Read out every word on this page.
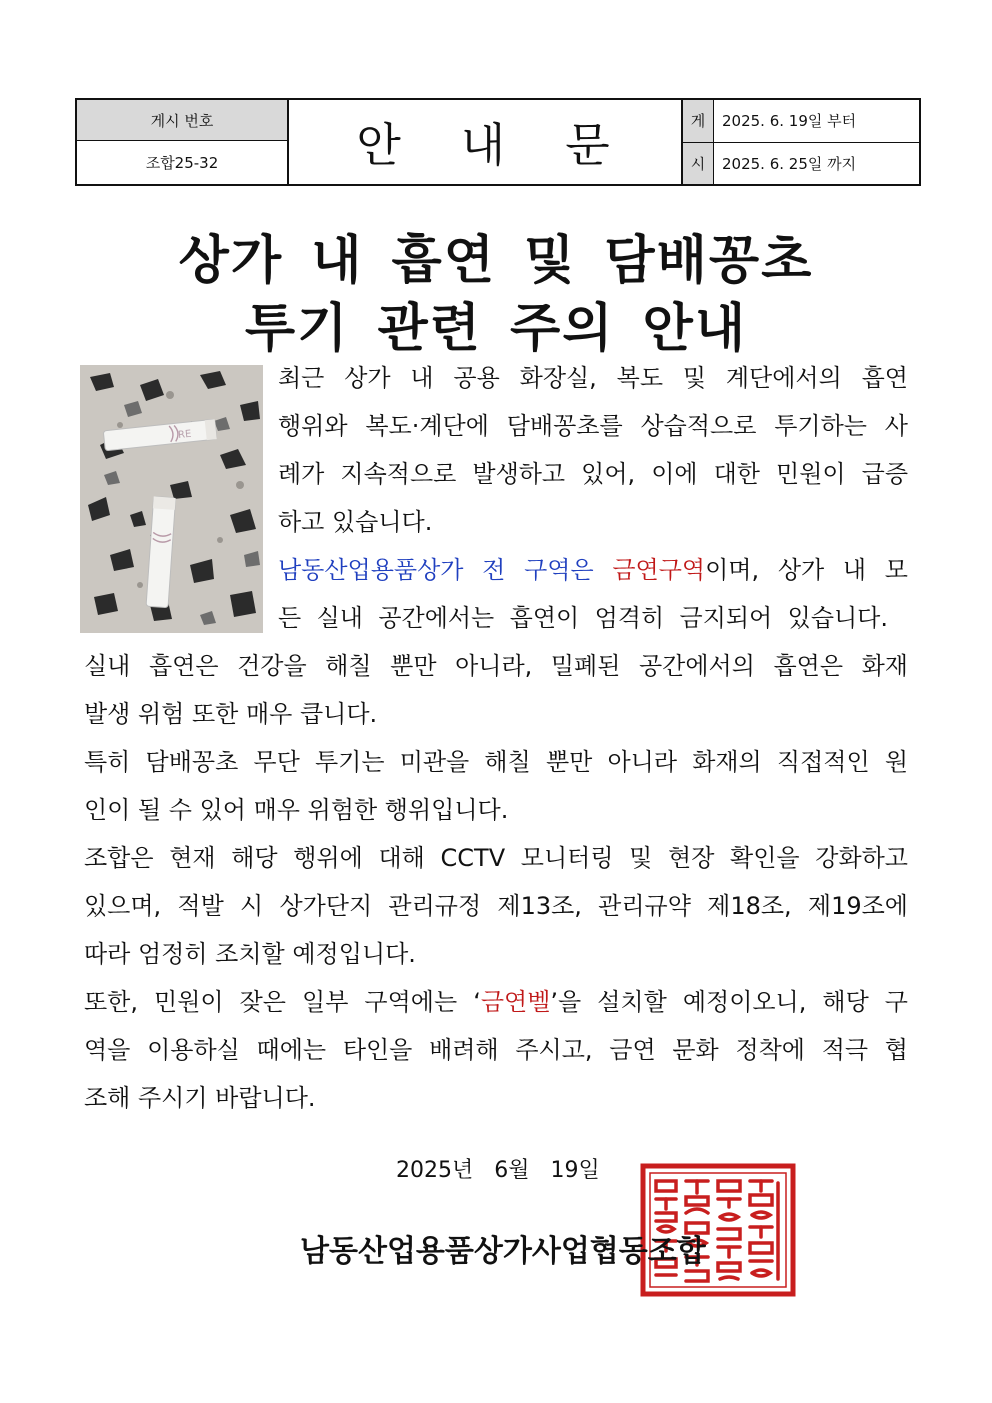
게시 번호
조합25-32	안 내 문	게
시
2025. 6. 19일 부터
2025. 6. 25일 까지
상가 내 흡연 및 담배꽁초
투기 관련 주의 안내
RE
최근 상가 내 공용 화장실, 복도 및 계단에서의 흡연
행위와 복도·계단에 담배꽁초를 상습적으로 투기하는 사
례가 지속적으로 발생하고 있어, 이에 대한 민원이 급증
하고 있습니다.
남동산업용품상가 전 구역은 금연구역이며, 상가 내 모
든 실내 공간에서는 흡연이 엄격히 금지되어 있습니다.
실내 흡연은 건강을 해칠 뿐만 아니라, 밀폐된 공간에서의 흡연은 화재
발생 위험 또한 매우 큽니다.
특히 담배꽁초 무단 투기는 미관을 해칠 뿐만 아니라 화재의 직접적인 원
인이 될 수 있어 매우 위험한 행위입니다.
조합은 현재 해당 행위에 대해 CCTV 모니터링 및 현장 확인을 강화하고
있으며, 적발 시 상가단지 관리규정 제13조, 관리규약 제18조, 제19조에
따라 엄정히 조치할 예정입니다.
또한, 민원이 잦은 일부 구역에는 ‘금연벨’을 설치할 예정이오니, 해당 구
역을 이용하실 때에는 타인을 배려해 주시고, 금연 문화 정착에 적극 협
조해 주시기 바랍니다.
2025년   6월   19일
남동산업용품상가사업협동조합
